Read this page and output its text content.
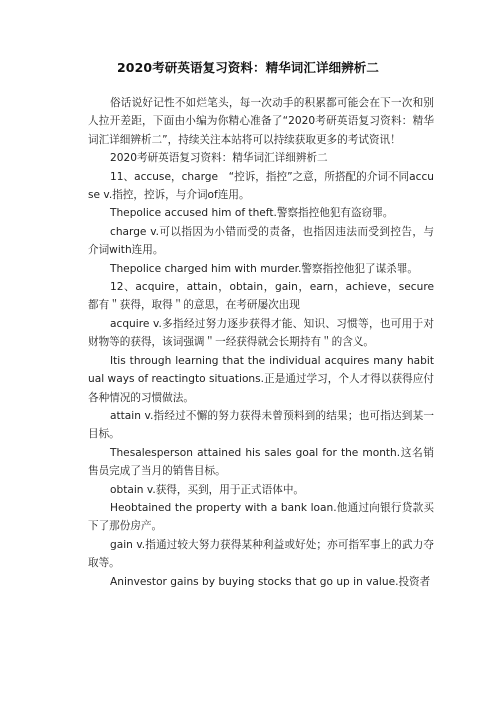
2020考研英语复习资料：精华词汇详细辨析二

俗话说好记性不如烂笔头，每一次动手的积累都可能会在下一次和别人拉开差距，下面由小编为你精心准备了“2020考研英语复习资料：精华词汇详细辨析二”，持续关注本站将可以持续获取更多的考试资讯！

2020考研英语复习资料：精华词汇详细辨析二

11、accuse，charge　“控诉，指控”之意，所搭配的介词不同accuse v.指控，控诉，与介词of连用。

Thepolice accused him of theft.警察指控他犯有盗窃罪。

charge v.可以指因为小错而受的责备，也指因违法而受到控告，与介词with连用。

Thepolice charged him with murder.警察指控他犯了谋杀罪。

12、acquire，attain，obtain，gain，earn，achieve，secure都有＂获得，取得＂的意思，在考研屡次出现

acquire v.多指经过努力逐步获得才能、知识、习惯等，也可用于对财物等的获得，该词强调＂一经获得就会长期持有＂的含义。

Itis through learning that the individual acquires many habitual ways of reactingto situations.正是通过学习，个人才得以获得应付各种情况的习惯做法。

attain v.指经过不懈的努力获得未曾预料到的结果；也可指达到某一目标。

Thesalesperson attained his sales goal for the month.这名销售员完成了当月的销售目标。

obtain v.获得，买到，用于正式语体中。

Heobtained the property with a bank loan.他通过向银行贷款买下了那份房产。

gain v.指通过较大努力获得某种利益或好处；亦可指军事上的武力夺取等。

Aninvestor gains by buying stocks that go up in value.投资者
